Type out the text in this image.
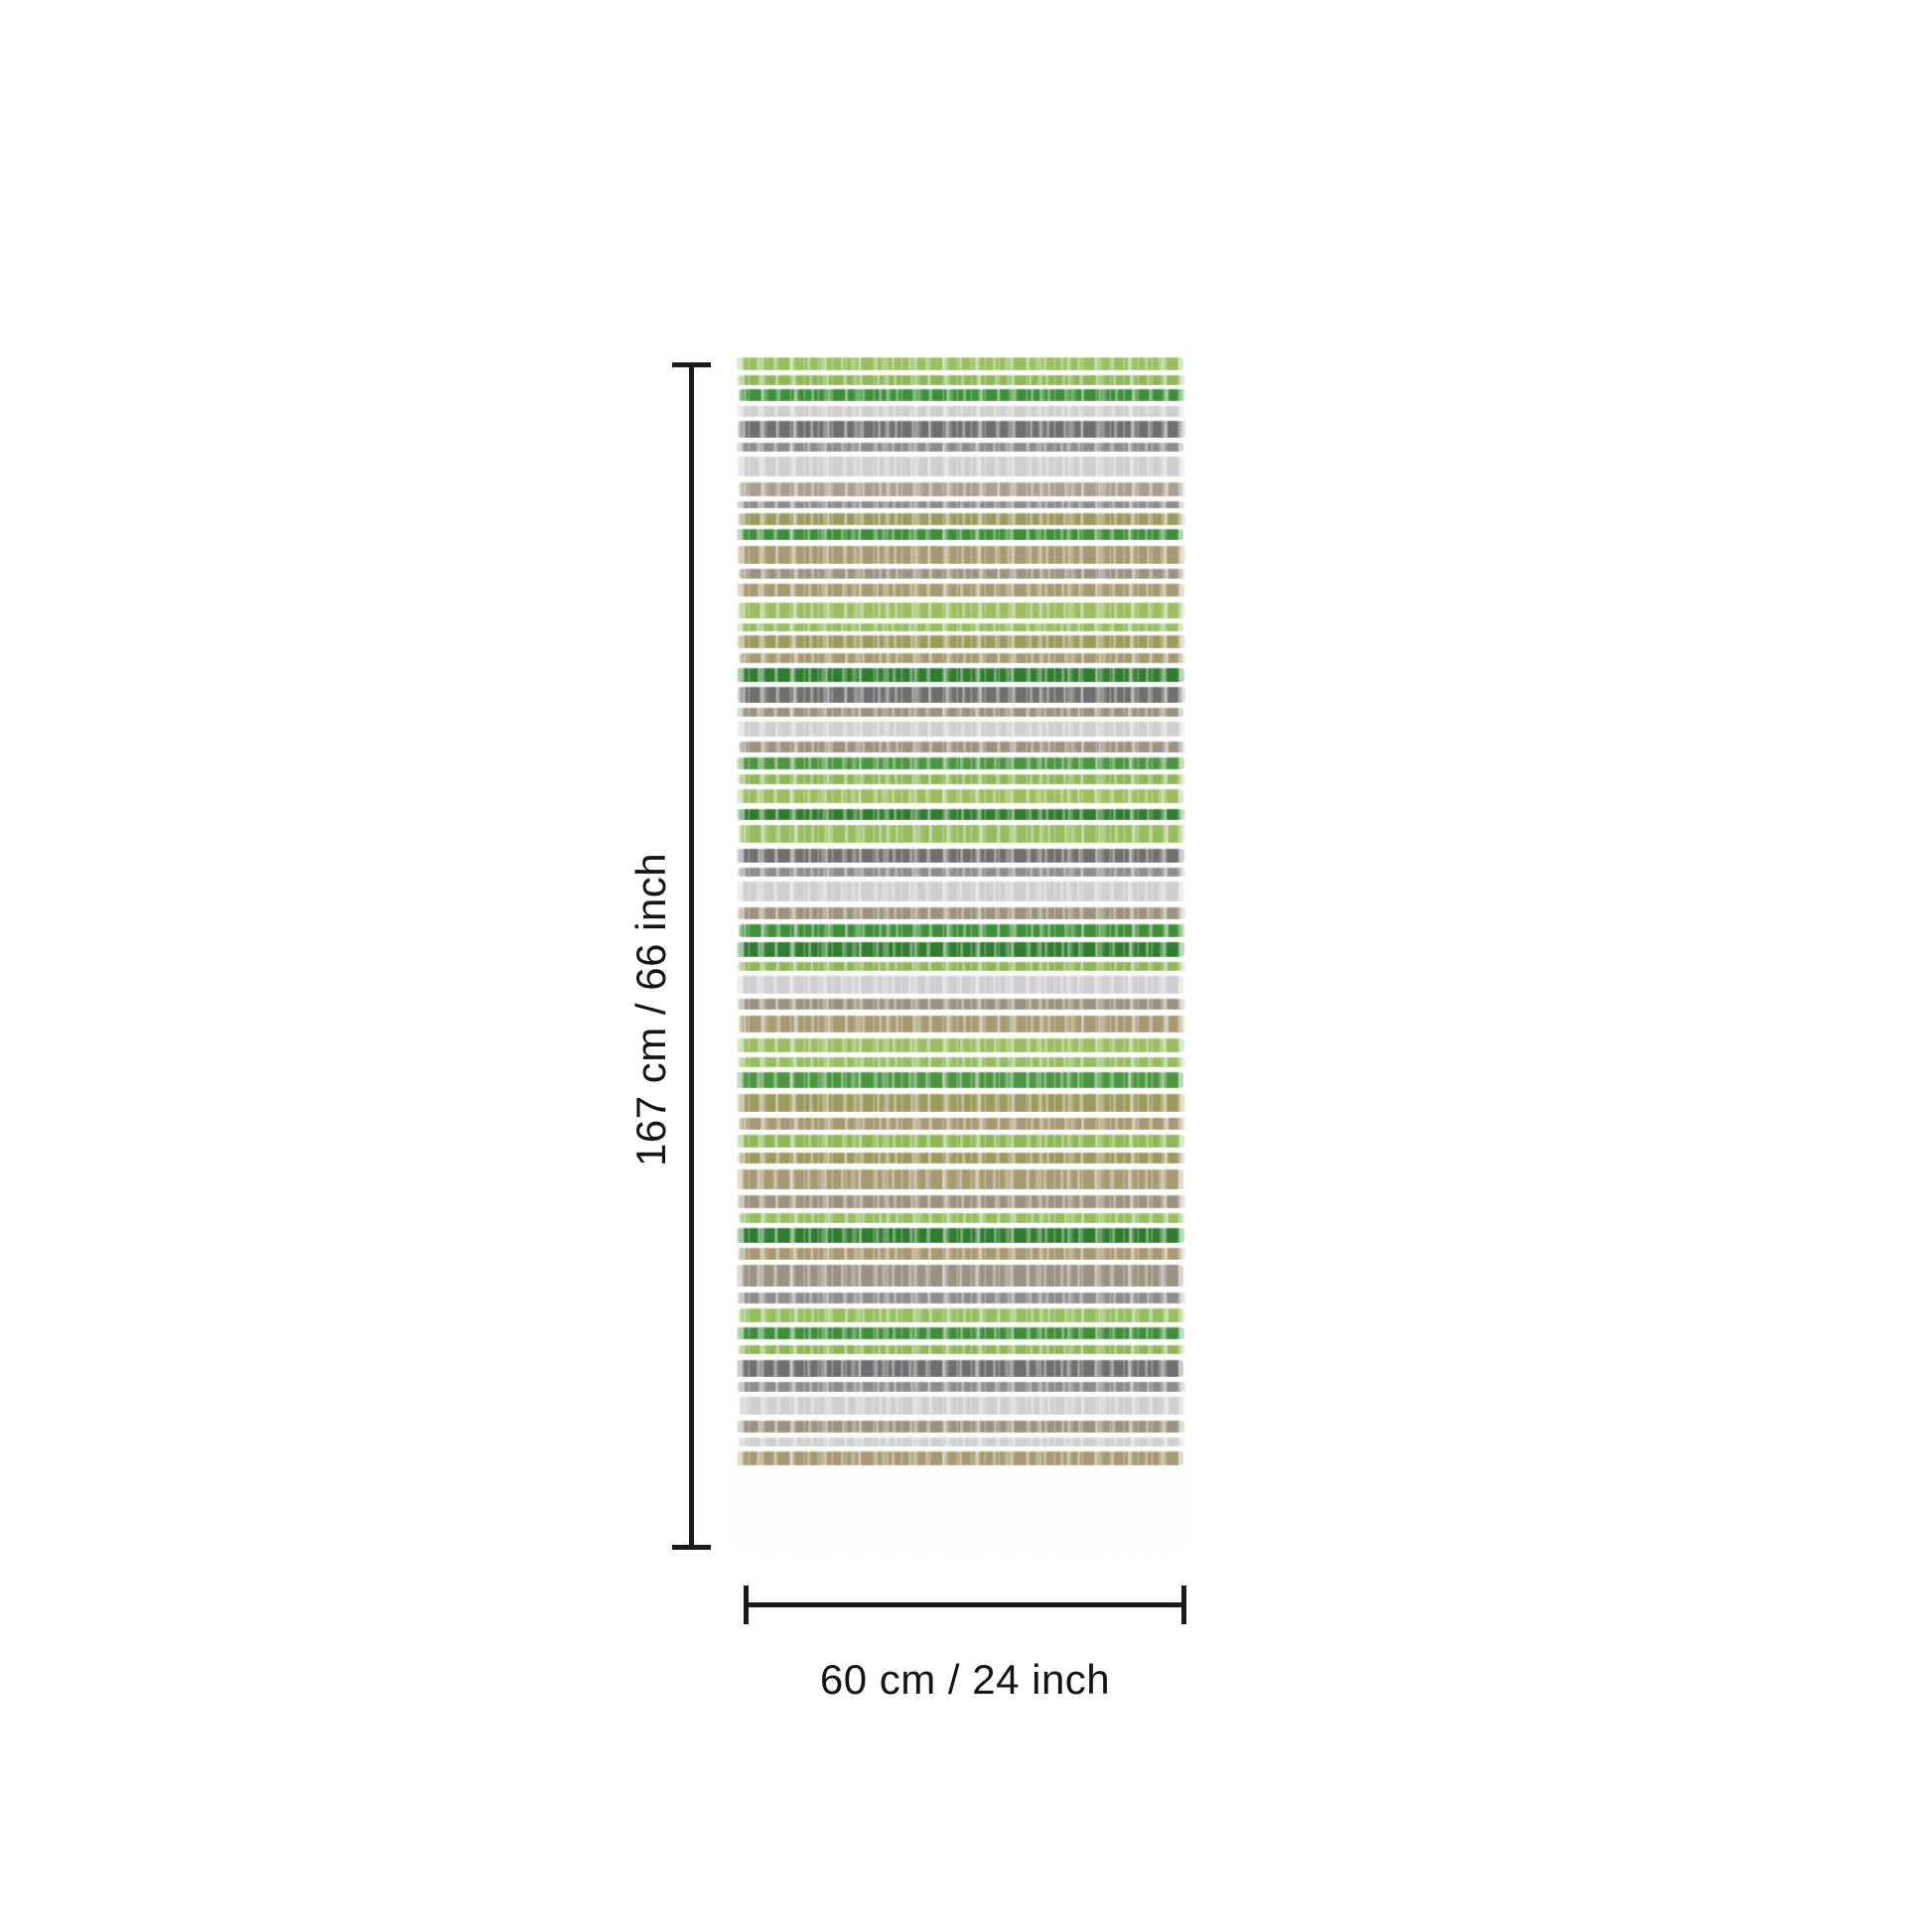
167 cm / 66 inch
60 cm / 24 inch
